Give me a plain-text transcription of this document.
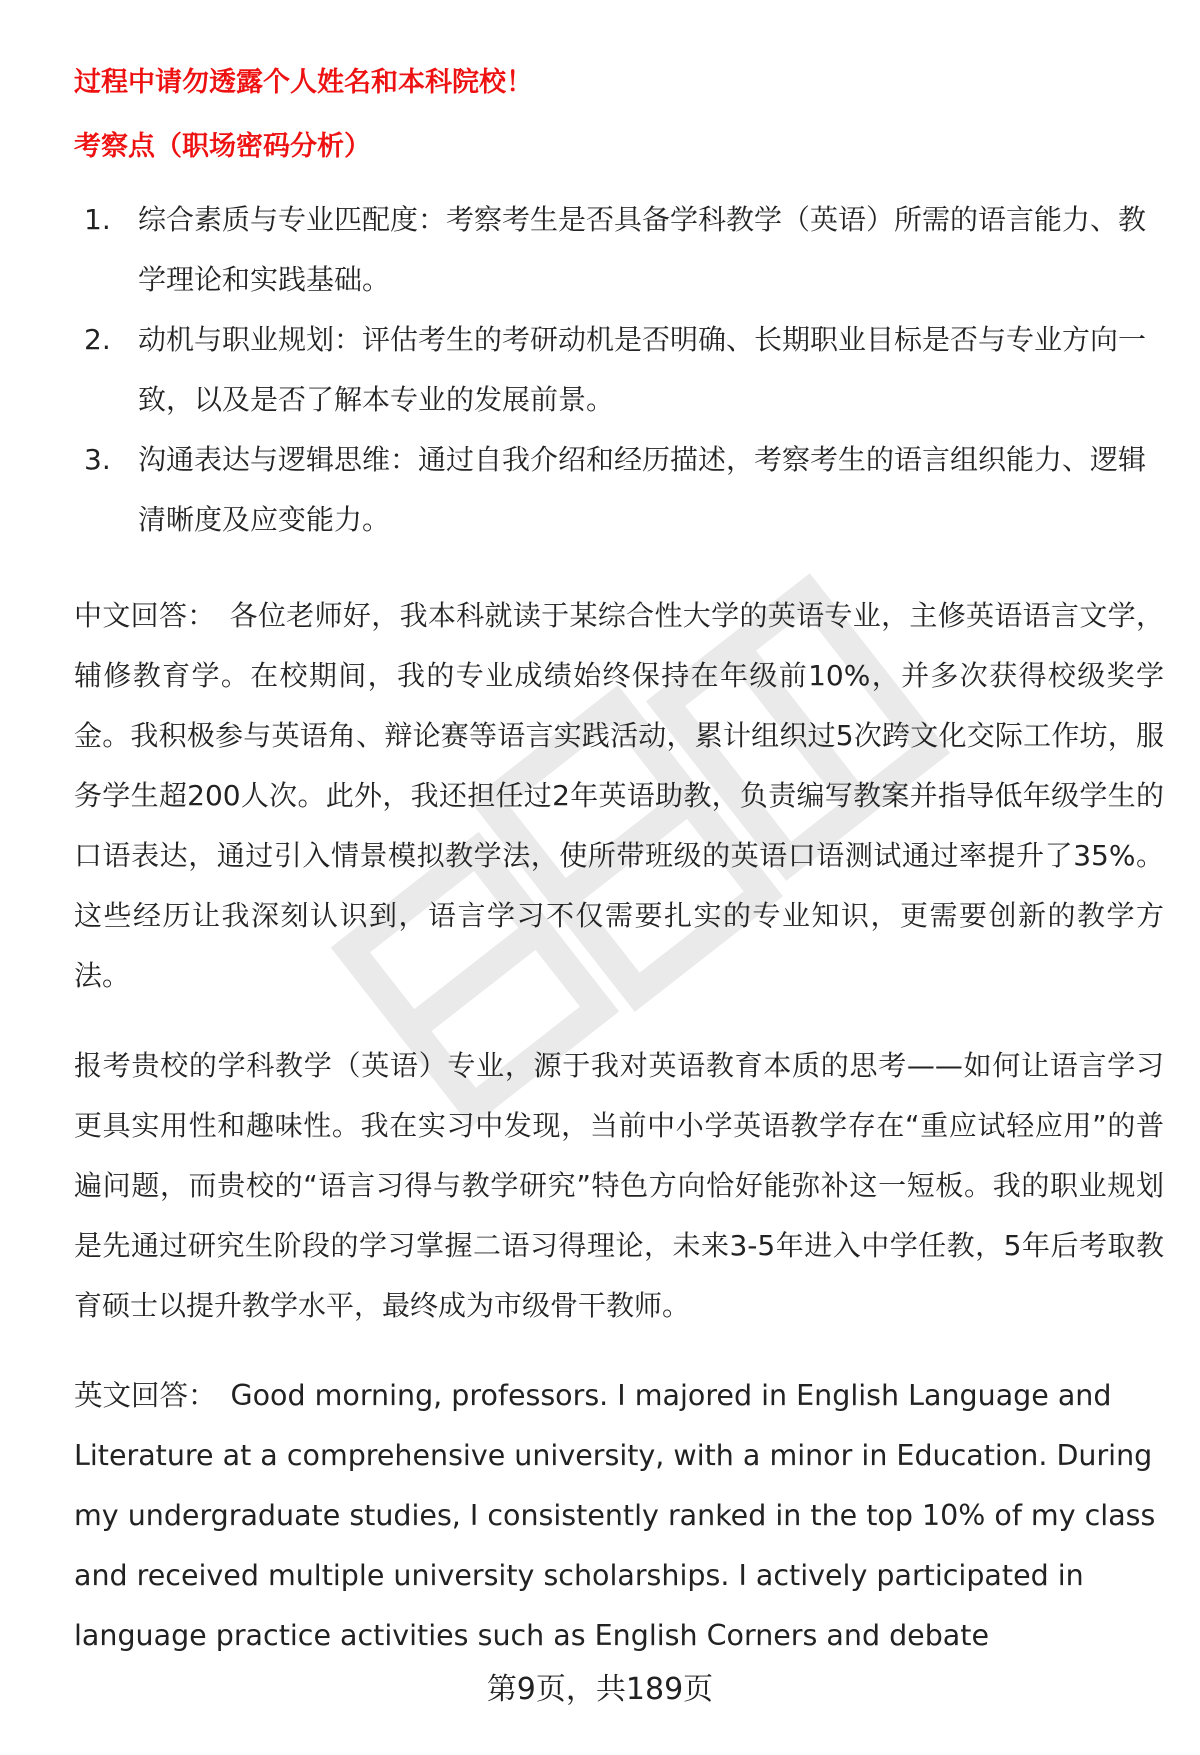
过程中请勿透露个人姓名和本科院校！
考察点（职场密码分析）
1. 综合素质与专业匹配度：考察考生是否具备学科教学（英语）所需的语言能力、教学理论和实践基础。
2. 动机与职业规划：评估考生的考研动机是否明确、长期职业目标是否与专业方向一致，以及是否了解本专业的发展前景。
3. 沟通表达与逻辑思维：通过自我介绍和经历描述，考察考生的语言组织能力、逻辑清晰度及应变能力。

中文回答： 各位老师好，我本科就读于某综合性大学的英语专业，主修英语语言文学，辅修教育学。在校期间，我的专业成绩始终保持在年级前10%，并多次获得校级奖学金。我积极参与英语角、辩论赛等语言实践活动，累计组织过5次跨文化交际工作坊，服务学生超200人次。此外，我还担任过2年英语助教，负责编写教案并指导低年级学生的口语表达，通过引入情景模拟教学法，使所带班级的英语口语测试通过率提升了35%。这些经历让我深刻认识到，语言学习不仅需要扎实的专业知识，更需要创新的教学方法。

报考贵校的学科教学（英语）专业，源于我对英语教育本质的思考——如何让语言学习更具实用性和趣味性。我在实习中发现，当前中小学英语教学存在“重应试轻应用”的普遍问题，而贵校的“语言习得与教学研究”特色方向恰好能弥补这一短板。我的职业规划是先通过研究生阶段的学习掌握二语习得理论，未来3-5年进入中学任教，5年后考取教育硕士以提升教学水平，最终成为市级骨干教师。

英文回答： Good morning, professors. I majored in English Language and Literature at a comprehensive university, with a minor in Education. During my undergraduate studies, I consistently ranked in the top 10% of my class and received multiple university scholarships. I actively participated in language practice activities such as English Corners and debate

第9页，共189页
